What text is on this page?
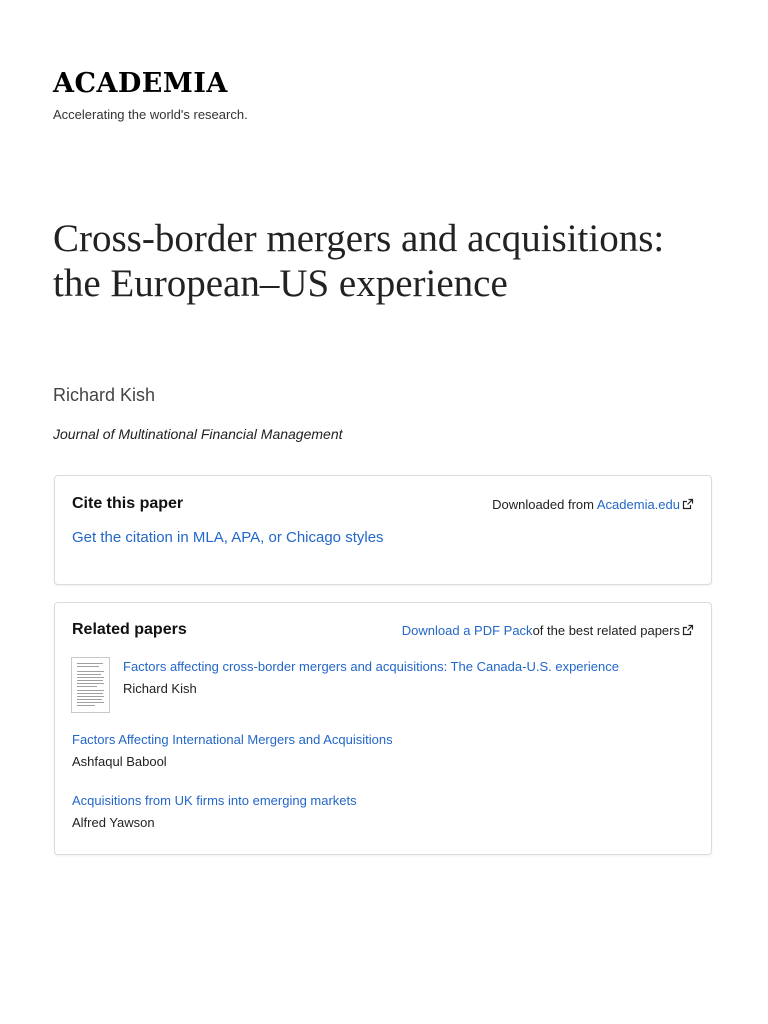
ACADEMIA
Accelerating the world's research.
Cross-border mergers and acquisitions: the European–US experience
Richard Kish
Journal of Multinational Financial Management
Cite this paper	Downloaded from Academia.edu
Get the citation in MLA, APA, or Chicago styles
Related papers	Download a PDF Packof the best related papers
Factors affecting cross-border mergers and acquisitions: The Canada-U.S. experience
Richard Kish
Factors Affecting International Mergers and Acquisitions
Ashfaqul Babool
Acquisitions from UK firms into emerging markets
Alfred Yawson
